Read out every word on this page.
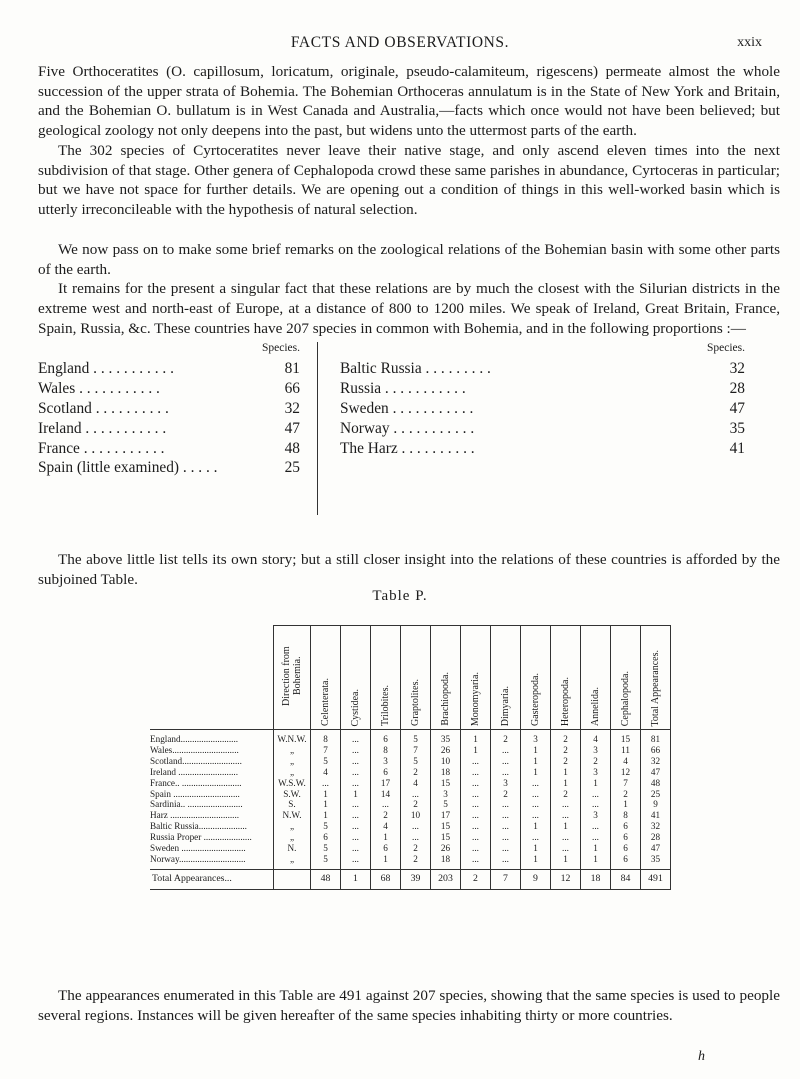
FACTS AND OBSERVATIONS.	xxix

Five Orthoceratites (O. capillosum, loricatum, originale, pseudo-calamiteum, rigescens) permeate almost the whole succession of the upper strata of Bohemia. The Bohemian Orthoceras annulatum is in the State of New York and Britain, and the Bohemian O. bullatum is in West Canada and Australia,—facts which once would not have been believed; but geological zoology not only deepens into the past, but widens unto the uttermost parts of the earth.

The 302 species of Cyrtoceratites never leave their native stage, and only ascend eleven times into the next subdivision of that stage. Other genera of Cephalopoda crowd these same parishes in abundance, Cyrtoceras in particular; but we have not space for further details. We are opening out a condition of things in this well-worked basin which is utterly irreconcileable with the hypothesis of natural selection.

We now pass on to make some brief remarks on the zoological relations of the Bohemian basin with some other parts of the earth.

It remains for the present a singular fact that these relations are by much the closest with the Silurian districts in the extreme west and north-east of Europe, at a distance of 800 to 1200 miles. We speak of Ireland, Great Britain, France, Spain, Russia, &c. These countries have 207 species in common with Bohemia, and in the following proportions :—

Species.
England . . . . . . . . . . .	81
Wales . . . . . . . . . . .	66
Scotland . . . . . . . . . .	32
Ireland . . . . . . . . . . .	47
France . . . . . . . . . . .	48
Spain (little examined) . . . . .	25
Species.
Baltic Russia . . . . . . . . .	32
Russia . . . . . . . . . . .	28
Sweden . . . . . . . . . . .	47
Norway . . . . . . . . . . .	35
The Harz . . . . . . . . . .	41

The above little list tells its own story; but a still closer insight into the relations of these countries is afforded by the subjoined Table.

Table P.

	Direction from Bohemia.	Celenterata.	Cystidea.	Trilobites.	Graptolites.	Brachiopoda.	Monomyaria.	Dimyaria.	Gasteropoda.	Heteropoda.	Annelida.	Cephalopoda.	Total Appearances.

England.........................	W.N.W.	8	...	6	5	35	1	2	3	2	4	15	81
Wales.............................	„	7	...	8	7	26	1	...	1	2	3	11	66
Scotland..........................	„	5	...	3	5	10	...	...	1	2	2	4	32
Ireland ..........................	„	4	...	6	2	18	...	...	1	1	3	12	47
France.. ..........................	W.S.W.	...	...	17	4	15	...	3	...	1	1	7	48
Spain .............................	S.W.	1	1	14	...	3	...	2	...	2	...	2	25
Sardinia.. ........................	S.	1	...	...	2	5	...	...	...	...	...	1	9
Harz ..............................	N.W.	1	...	2	10	17	...	...	...	...	3	8	41
Baltic Russia.....................	„	5	...	4	...	15	...	...	1	1	...	6	32
Russia Proper .....................	„	6	...	1	...	15	...	...	...	...	...	6	28
Sweden ............................	N.	5	...	6	2	26	...	...	1	...	1	6	47
Norway.............................	„	5	...	1	2	18	...	...	1	1	1	6	35
Total Appearances...		48	1	68	39	203	2	7	9	12	18	84	491

The appearances enumerated in this Table are 491 against 207 species, showing that the same species is used to people several regions. Instances will be given hereafter of the same species inhabiting thirty or more countries.

h
